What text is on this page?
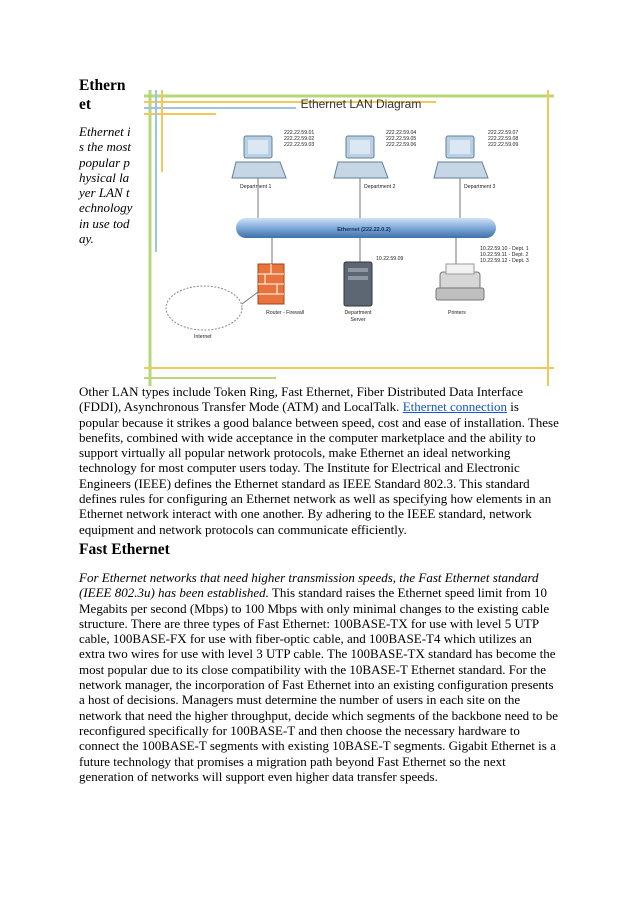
Ethernet
Ethernet is the most popular physical layer LAN technology in use today.
Ethernet LAN Diagram
222.22.59.01
222.22.59.02
222.22.59.03
222.22.59.04
222.22.59.05
222.22.59.06
222.22.59.07
222.22.59.08
222.22.59.09
Department 1	Department 2	Department 3
Ethernet (222.22.0.2)
Router - Firewall
Internet
10.22.59.09
Department
Server
10.22.59.10 - Dept. 1
10.22.59.11 - Dept. 2
10.22.59.12 - Dept. 3
Printers

Other LAN types include Token Ring, Fast Ethernet, Fiber Distributed Data Interface (FDDI), Asynchronous Transfer Mode (ATM) and LocalTalk. Ethernet connection is popular because it strikes a good balance between speed, cost and ease of installation. These benefits, combined with wide acceptance in the computer marketplace and the ability to support virtually all popular network protocols, make Ethernet an ideal networking technology for most computer users today. The Institute for Electrical and Electronic Engineers (IEEE) defines the Ethernet standard as IEEE Standard 802.3. This standard defines rules for configuring an Ethernet network as well as specifying how elements in an Ethernet network interact with one another. By adhering to the IEEE standard, network equipment and network protocols can communicate efficiently.

Fast Ethernet

For Ethernet networks that need higher transmission speeds, the Fast Ethernet standard (IEEE 802.3u) has been established. This standard raises the Ethernet speed limit from 10 Megabits per second (Mbps) to 100 Mbps with only minimal changes to the existing cable structure. There are three types of Fast Ethernet: 100BASE-TX for use with level 5 UTP cable, 100BASE-FX for use with fiber-optic cable, and 100BASE-T4 which utilizes an extra two wires for use with level 3 UTP cable. The 100BASE-TX standard has become the most popular due to its close compatibility with the 10BASE-T Ethernet standard. For the network manager, the incorporation of Fast Ethernet into an existing configuration presents a host of decisions. Managers must determine the number of users in each site on the network that need the higher throughput, decide which segments of the backbone need to be reconfigured specifically for 100BASE-T and then choose the necessary hardware to connect the 100BASE-T segments with existing 10BASE-T segments. Gigabit Ethernet is a future technology that promises a migration path beyond Fast Ethernet so the next generation of networks will support even higher data transfer speeds.
